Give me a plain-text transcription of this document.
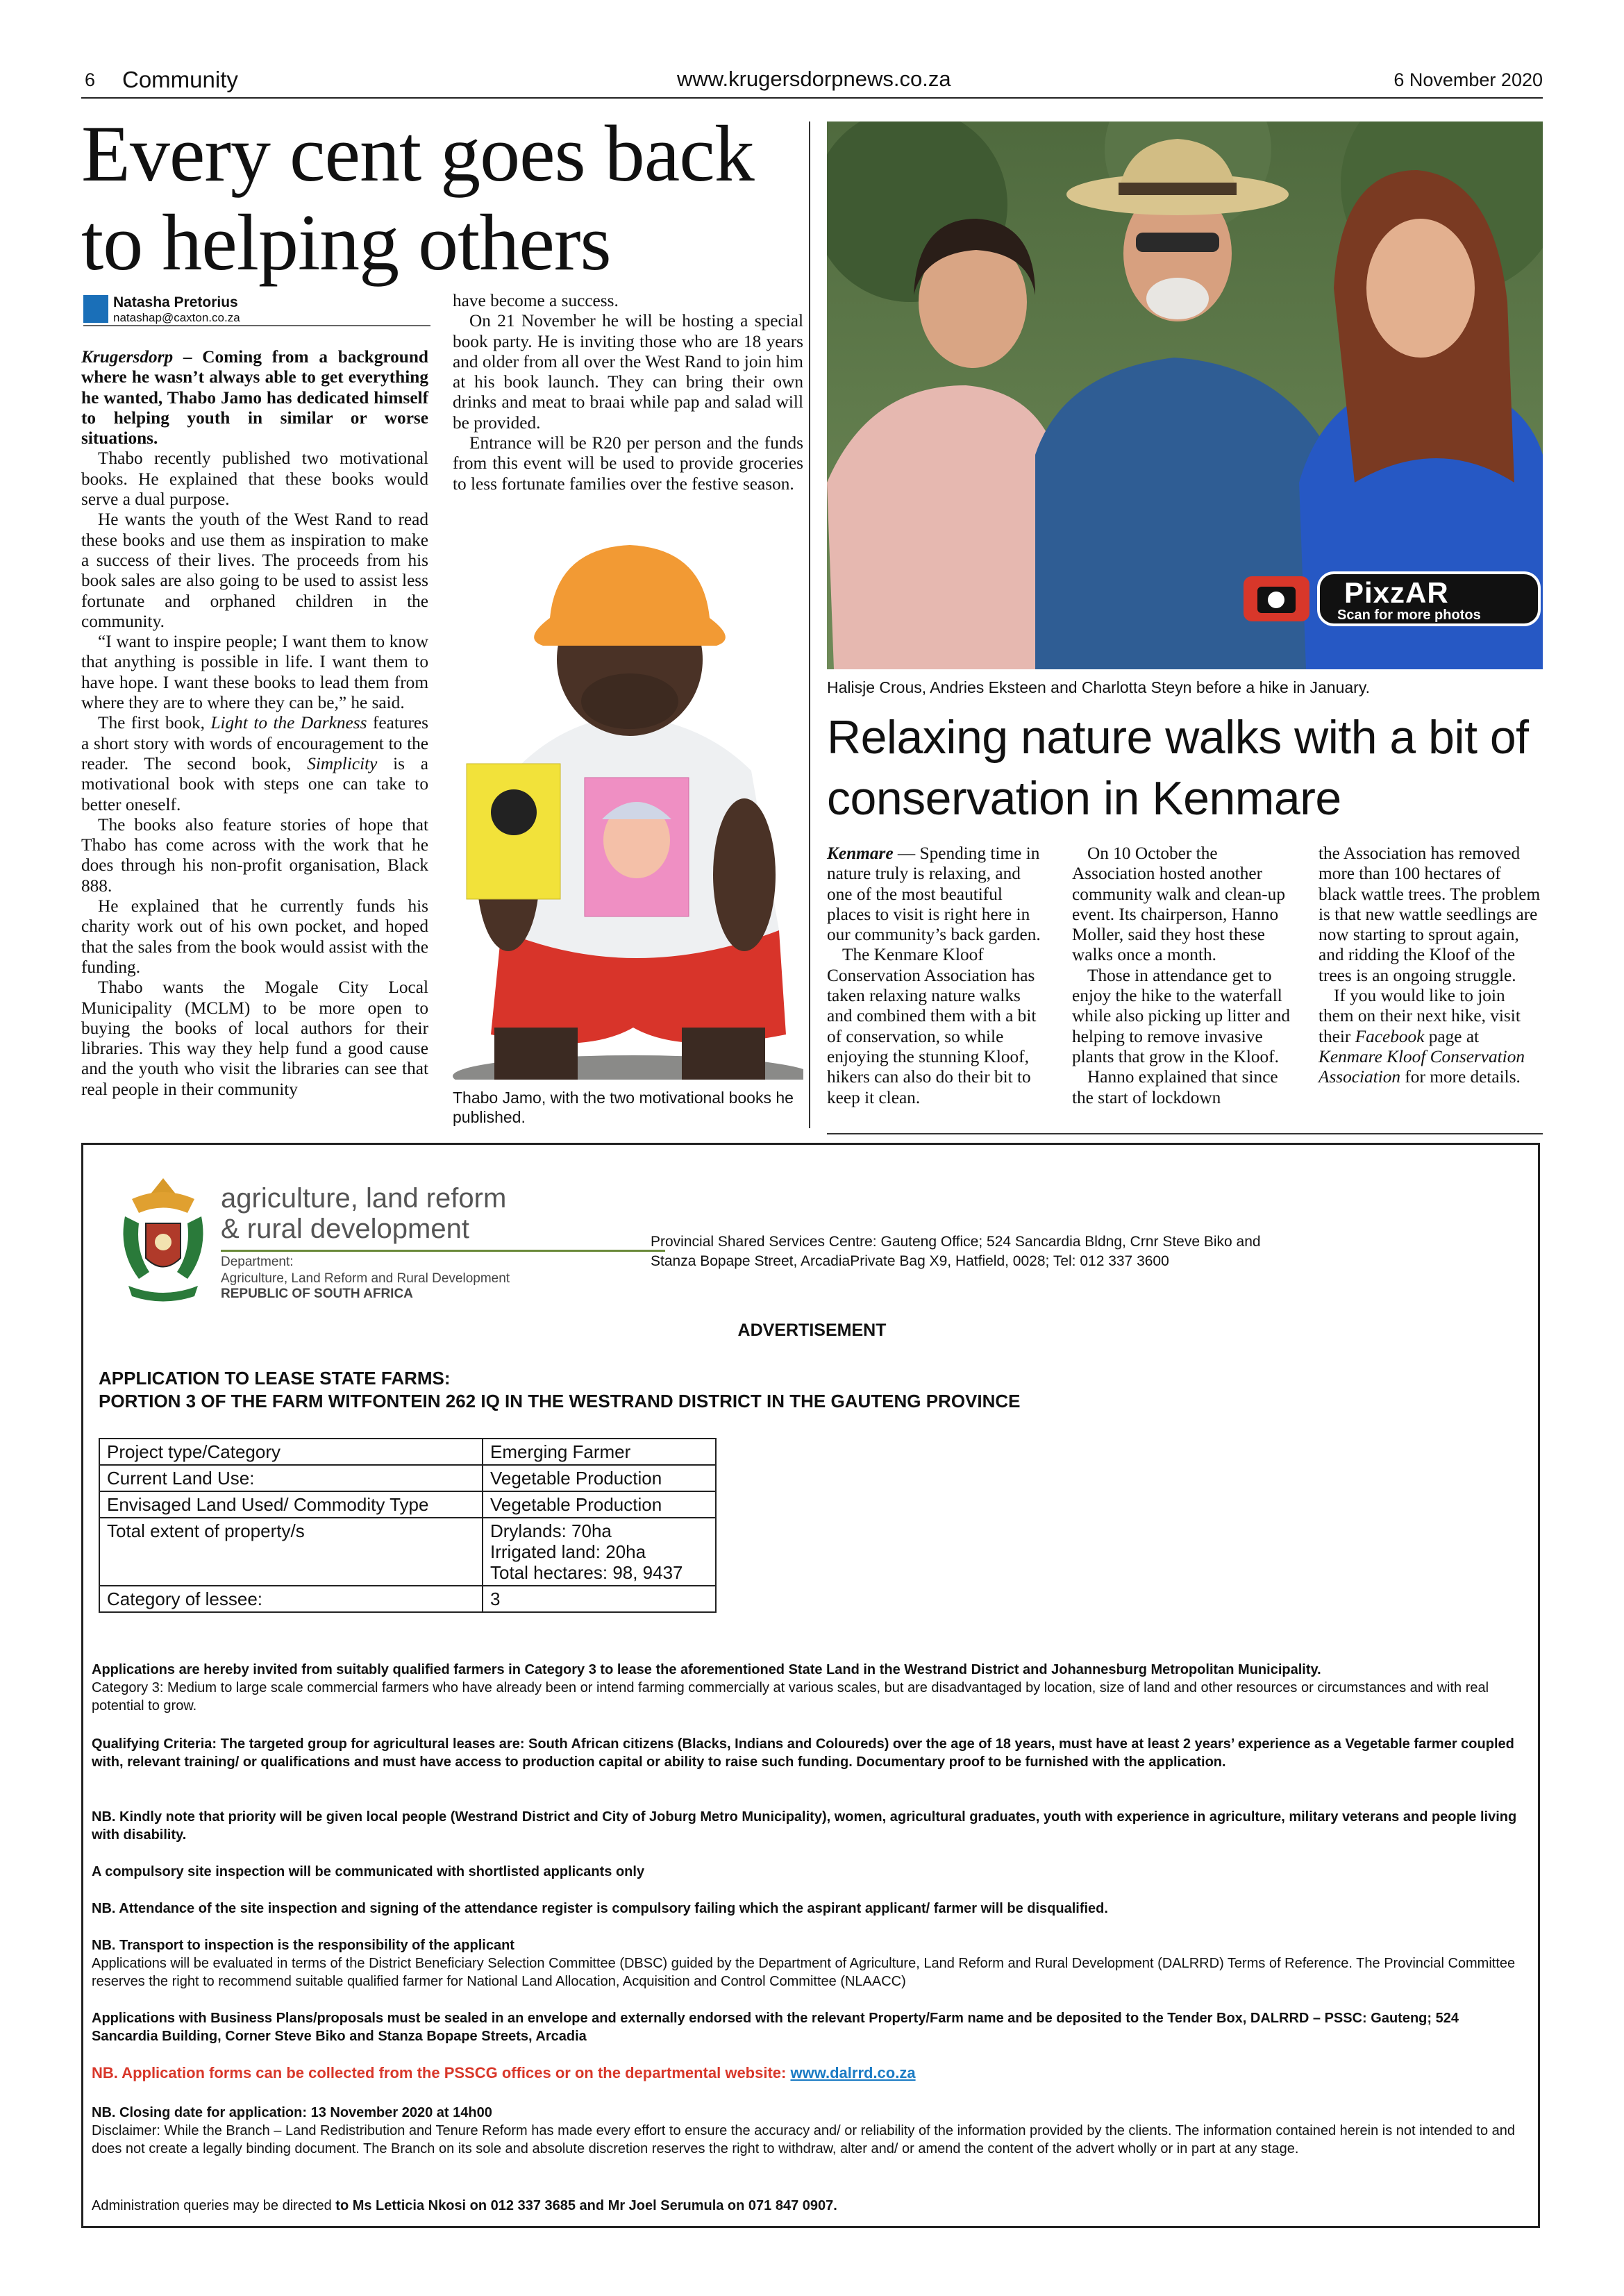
6 Community	www.krugersdorpnews.co.za	6 November 2020
Every cent goes back to helping others
Natasha Pretorius
natashap@caxton.co.za

Krugersdorp – Coming from a background where he wasn’t always able to get everything he wanted, Thabo Jamo has dedicated himself to helping youth in similar or worse situations.

Thabo recently published two motivational books. He explained that these books would serve a dual purpose.

He wants the youth of the West Rand to read these books and use them as inspiration to make a success of their lives. The proceeds from his book sales are also going to be used to assist less fortunate and orphaned children in the community.

“I want to inspire people; I want them to know that anything is possible in life. I want them to have hope. I want these books to lead them from where they are to where they can be,” he said.

The first book, Light to the Darkness features a short story with words of encouragement to the reader. The second book, Simplicity is a motivational book with steps one can take to better oneself.

The books also feature stories of hope that Thabo has come across with the work that he does through his non-profit organisation, Black 888.

He explained that he currently funds his charity work out of his own pocket, and hoped that the sales from the book would assist with the funding.

Thabo wants the Mogale City Local Municipality (MCLM) to be more open to buying the books of local authors for their libraries. This way they help fund a good cause and the youth who visit the libraries can see that real people in their community

have become a success.

On 21 November he will be hosting a special book party. He is inviting those who are 18 years and older from all over the West Rand to join him at his book launch. They can bring their own drinks and meat to braai while pap and salad will be provided.

Entrance will be R20 per person and the funds from this event will be used to provide groceries to less fortunate families over the festive season.

Thabo Jamo, with the two motivational books he published.
PixzAR
Scan for more photos
Halisje Crous, Andries Eksteen and Charlotta Steyn before a hike in January.
Relaxing nature walks with a bit of conservation in Kenmare

Kenmare — Spending time in nature truly is relaxing, and one of the most beautiful places to visit is right here in our community’s back garden.

The Kenmare Kloof Conservation Association has taken relaxing nature walks and combined them with a bit of conservation, so while enjoying the stunning Kloof, hikers can also do their bit to keep it clean.

On 10 October the Association hosted another community walk and clean-up event. Its chairperson, Hanno Moller, said they host these walks once a month.

Those in attendance get to enjoy the hike to the waterfall while also picking up litter and helping to remove invasive plants that grow in the Kloof.

Hanno explained that since the start of lockdown

the Association has removed more than 100 hectares of black wattle trees. The problem is that new wattle seedlings are now starting to sprout again, and ridding the Kloof of the trees is an ongoing struggle.

If you would like to join them on their next hike, visit their Facebook page at Kenmare Kloof Conservation Association for more details.

agriculture, land reform
& rural development
Department:
Agriculture, Land Reform and Rural Development
REPUBLIC OF SOUTH AFRICA
Provincial Shared Services Centre: Gauteng Office; 524 Sancardia Bldng, Crnr Steve Biko and Stanza Bopape Street, ArcadiaPrivate Bag X9, Hatfield, 0028; Tel: 012 337 3600
ADVERTISEMENT
APPLICATION TO LEASE STATE FARMS:
PORTION 3 OF THE FARM WITFONTEIN 262 IQ IN THE WESTRAND DISTRICT IN THE GAUTENG PROVINCE
Project type/Category	Emerging Farmer
Current Land Use:	Vegetable Production
Envisaged Land Used/ Commodity Type	Vegetable Production
Total extent of property/s	Drylands: 70ha
Irrigated land: 20ha
Total hectares: 98, 9437

Category of lessee:	3
Applications are hereby invited from suitably qualified farmers in Category 3 to lease the aforementioned State Land in the Westrand District and Johannesburg Metropolitan Municipality.
Category 3: Medium to large scale commercial farmers who have already been or intend farming commercially at various scales, but are disadvantaged by location, size of land and other resources or circumstances and with real potential to grow.
Qualifying Criteria: The targeted group for agricultural leases are: South African citizens (Blacks, Indians and Coloureds) over the age of 18 years, must have at least 2 years’ experience as a Vegetable farmer coupled with, relevant training/ or qualifications and must have access to production capital or ability to raise such funding. Documentary proof to be furnished with the application.
NB. Kindly note that priority will be given local people (Westrand District and City of Joburg Metro Municipality), women, agricultural graduates, youth with experience in agriculture, military veterans and people living with disability.
A compulsory site inspection will be communicated with shortlisted applicants only
NB. Attendance of the site inspection and signing of the attendance register is compulsory failing which the aspirant applicant/ farmer will be disqualified.
NB. Transport to inspection is the responsibility of the applicant
Applications will be evaluated in terms of the District Beneficiary Selection Committee (DBSC) guided by the Department of Agriculture, Land Reform and Rural Development (DALRRD) Terms of Reference. The Provincial Committee reserves the right to recommend suitable qualified farmer for National Land Allocation, Acquisition and Control Committee (NLAACC)
Applications with Business Plans/proposals must be sealed in an envelope and externally endorsed with the relevant Property/Farm name and be deposited to the Tender Box, DALRRD – PSSC: Gauteng; 524 Sancardia Building, Corner Steve Biko and Stanza Bopape Streets, Arcadia
NB. Application forms can be collected from the PSSCG offices or on the departmental website: www.dalrrd.co.za
NB. Closing date for application: 13 November 2020 at 14h00
Disclaimer: While the Branch – Land Redistribution and Tenure Reform has made every effort to ensure the accuracy and/ or reliability of the information provided by the clients. The information contained herein is not intended to and does not create a legally binding document. The Branch on its sole and absolute discretion reserves the right to withdraw, alter and/ or amend the content of the advert wholly or in part at any stage.
Administration queries may be directed to Ms Letticia Nkosi on 012 337 3685 and Mr Joel Serumula on 071 847 0907.
